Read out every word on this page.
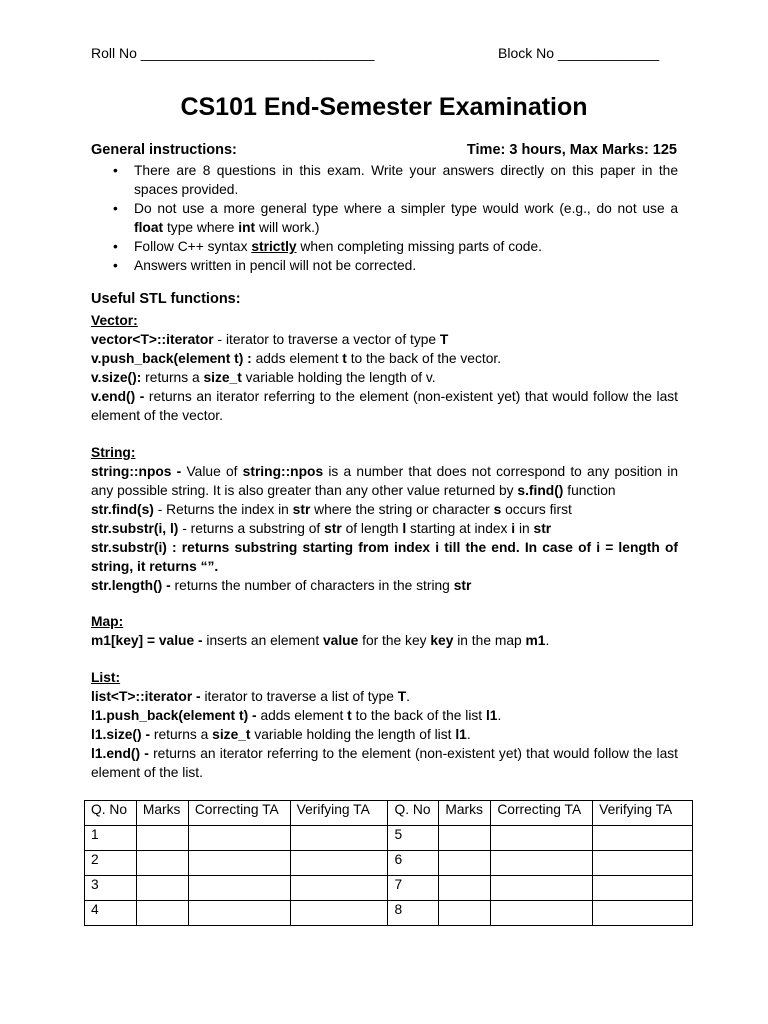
Roll No ______________________________	Block No _____________
CS101 End-Semester Examination
General instructions:	Time: 3 hours, Max Marks: 125
• There are 8 questions in this exam. Write your answers directly on this paper in the spaces provided.
• Do not use a more general type where a simpler type would work (e.g., do not use a float type where int will work.)
• Follow C++ syntax strictly when completing missing parts of code.
• Answers written in pencil will not be corrected.
Useful STL functions:
Vector:
vector<T>::iterator - iterator to traverse a vector of type T
v.push_back(element t) : adds element t to the back of the vector.
v.size(): returns a size_t variable holding the length of v.
v.end() - returns an iterator referring to the element (non-existent yet) that would follow the last element of the vector.
String:
string::npos - Value of string::npos is a number that does not correspond to any position in any possible string. It is also greater than any other value returned by s.find() function
str.find(s) - Returns the index in str where the string or character s occurs first
str.substr(i, l) - returns a substring of str of length l starting at index i in str
str.substr(i) : returns substring starting from index i till the end. In case of i = length of string, it returns “”.
str.length() - returns the number of characters in the string str
Map:
m1[key] = value - inserts an element value for the key key in the map m1.
List:
list<T>::iterator - iterator to traverse a list of type T.
l1.push_back(element t) - adds element t to the back of the list l1.
l1.size() - returns a size_t variable holding the length of list l1.
l1.end() - returns an iterator referring to the element (non-existent yet) that would follow the last element of the list.
Q. No	Marks	Correcting TA	Verifying TA	Q. No	Marks	Correcting TA	Verifying TA
1				5			
2				6			
3				7			
4				8			
